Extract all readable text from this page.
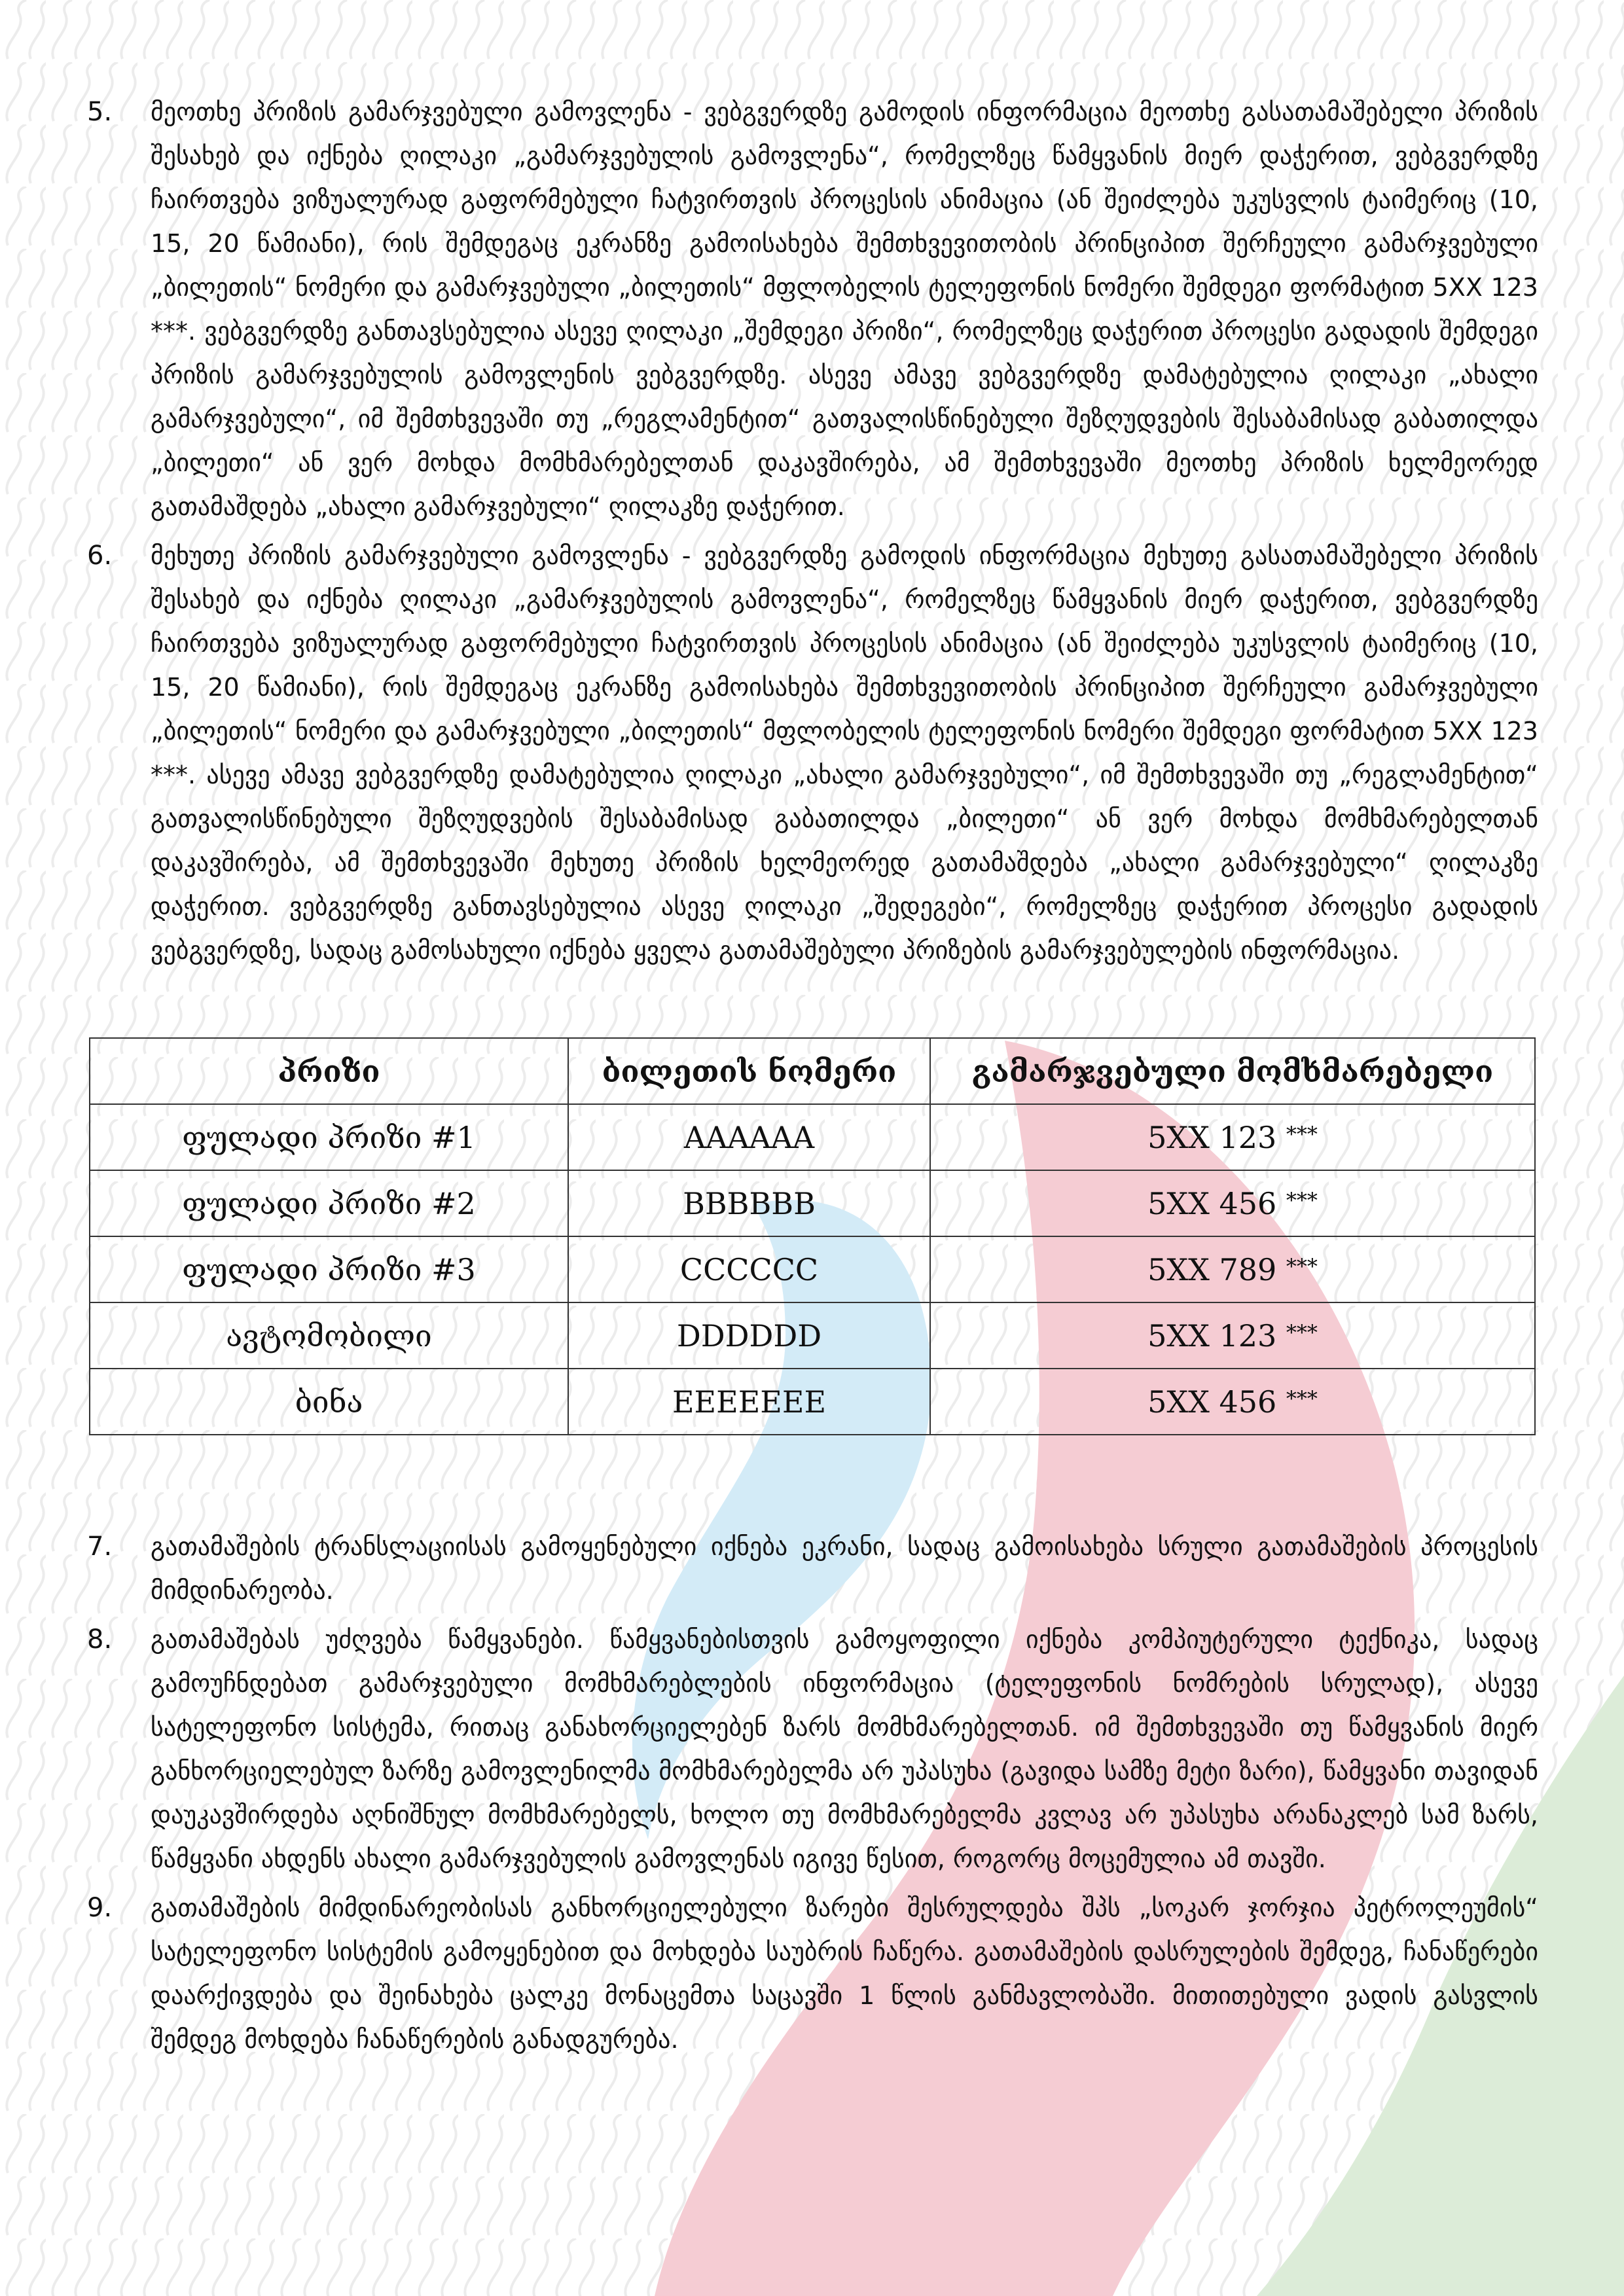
5. მეოთხე პრიზის გამარჯვებული გამოვლენა - ვებგვერდზე გამოდის ინფორმაცია მეოთხე გასათამაშებელი პრიზის შესახებ და იქნება ღილაკი „გამარჯვებულის გამოვლენა“, რომელზეც წამყვანის მიერ დაჭერით, ვებგვერდზე ჩაირთვება ვიზუალურად გაფორმებული ჩატვირთვის პროცესის ანიმაცია (ან შეიძლება უკუსვლის ტაიმერიც (10, 15, 20 წამიანი), რის შემდეგაც ეკრანზე გამოისახება შემთხვევითობის პრინციპით შერჩეული გამარჯვებული „ბილეთის“ ნომერი და გამარჯვებული „ბილეთის“ მფლობელის ტელეფონის ნომერი შემდეგი ფორმატით 5XX 123 ***. ვებგვერდზე განთავსებულია ასევე ღილაკი „შემდეგი პრიზი“, რომელზეც დაჭერით პროცესი გადადის შემდეგი პრიზის გამარჯვებულის გამოვლენის ვებგვერდზე. ასევე ამავე ვებგვერდზე დამატებულია ღილაკი „ახალი გამარჯვებული“, იმ შემთხვევაში თუ „რეგლამენტით“ გათვალისწინებული შეზღუდვების შესაბამისად გაბათილდა „ბილეთი“ ან ვერ მოხდა მომხმარებელთან დაკავშირება, ამ შემთხვევაში მეოთხე პრიზის ხელმეორედ გათამაშდება „ახალი გამარჯვებული“ ღილაკზე დაჭერით.
6. მეხუთე პრიზის გამარჯვებული გამოვლენა - ვებგვერდზე გამოდის ინფორმაცია მეხუთე გასათამაშებელი პრიზის შესახებ და იქნება ღილაკი „გამარჯვებულის გამოვლენა“, რომელზეც წამყვანის მიერ დაჭერით, ვებგვერდზე ჩაირთვება ვიზუალურად გაფორმებული ჩატვირთვის პროცესის ანიმაცია (ან შეიძლება უკუსვლის ტაიმერიც (10, 15, 20 წამიანი), რის შემდეგაც ეკრანზე გამოისახება შემთხვევითობის პრინციპით შერჩეული გამარჯვებული „ბილეთის“ ნომერი და გამარჯვებული „ბილეთის“ მფლობელის ტელეფონის ნომერი შემდეგი ფორმატით 5XX 123 ***. ასევე ამავე ვებგვერდზე დამატებულია ღილაკი „ახალი გამარჯვებული“, იმ შემთხვევაში თუ „რეგლამენტით“ გათვალისწინებული შეზღუდვების შესაბამისად გაბათილდა „ბილეთი“ ან ვერ მოხდა მომხმარებელთან დაკავშირება, ამ შემთხვევაში მეხუთე პრიზის ხელმეორედ გათამაშდება „ახალი გამარჯვებული“ ღილაკზე დაჭერით. ვებგვერდზე განთავსებულია ასევე ღილაკი „შედეგები“, რომელზეც დაჭერით პროცესი გადადის ვებგვერდზე, სადაც გამოსახული იქნება ყველა გათამაშებული პრიზების გამარჯვებულების ინფორმაცია.
პრიზი	ბილეთის ნომერი	გამარჯვებული მომხმარებელი
ფულადი პრიზი #1	AAAAAA	5XX 123 ***
ფულადი პრიზი #2	BBBBBB	5XX 456 ***
ფულადი პრიზი #3	CCCCCC	5XX 789 ***
ავტომობილი	DDDDDD	5XX 123 ***
ბინა	EEEEEEE	5XX 456 ***
7. გათამაშების ტრანსლაციისას გამოყენებული იქნება ეკრანი, სადაც გამოისახება სრული გათამაშების პროცესის მიმდინარეობა.
8. გათამაშებას უძღვება წამყვანები. წამყვანებისთვის გამოყოფილი იქნება კომპიუტერული ტექნიკა, სადაც გამოუჩნდებათ გამარჯვებული მომხმარებლების ინფორმაცია (ტელეფონის ნომრების სრულად), ასევე სატელეფონო სისტემა, რითაც განახორციელებენ ზარს მომხმარებელთან. იმ შემთხვევაში თუ წამყვანის მიერ განხორციელებულ ზარზე გამოვლენილმა მომხმარებელმა არ უპასუხა (გავიდა სამზე მეტი ზარი), წამყვანი თავიდან დაუკავშირდება აღნიშნულ მომხმარებელს, ხოლო თუ მომხმარებელმა კვლავ არ უპასუხა არანაკლებ სამ ზარს, წამყვანი ახდენს ახალი გამარჯვებულის გამოვლენას იგივე წესით, როგორც მოცემულია ამ თავში.
9. გათამაშების მიმდინარეობისას განხორციელებული ზარები შესრულდება შპს „სოკარ ჯორჯია პეტროლეუმის“ სატელეფონო სისტემის გამოყენებით და მოხდება საუბრის ჩაწერა. გათამაშების დასრულების შემდეგ, ჩანაწერები დაარქივდება და შეინახება ცალკე მონაცემთა საცავში 1 წლის განმავლობაში. მითითებული ვადის გასვლის შემდეგ მოხდება ჩანაწერების განადგურება.
